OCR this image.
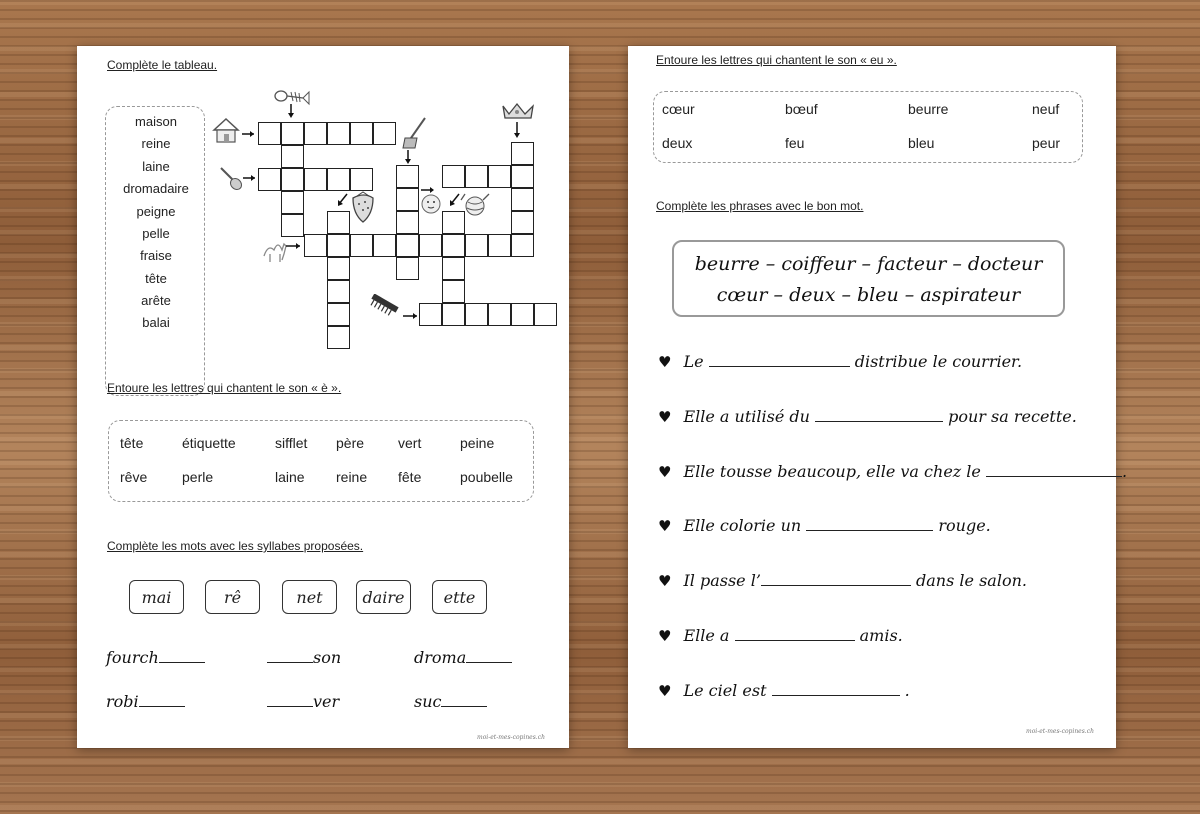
Complète le tableau.
maison
reine
laine
dromadaire
peigne
pelle
fraise
tête
arête
balai
Entoure les lettres qui chantent le son « è ».
tête	étiquette	sifflet père vert	peine
rêve perle	laine reine fête	poubelle
Complète les mots avec les syllabes proposées.
mai	rê	net	daire	ette
fourch	son	droma
robi	ver	suc
moi-et-mes-copines.ch
Entoure les lettres qui chantent le son « eu ».
cœur	bœuf	beurre	neuf
deux	feu	bleu	peur
Complète les phrases avec le bon mot.
beurre – coiffeur – facteur – docteur
cœur – deux – bleu – aspirateur
♥ Le	distribue le courrier.
♥ Elle a utilisé du	pour sa recette.
♥ Elle tousse beaucoup, elle va chez le	.
♥ Elle colorie un	rouge.
♥ Il passe l’	dans le salon.
♥ Elle a	amis.
♥ Le ciel est	.
moi-et-mes-copines.ch
